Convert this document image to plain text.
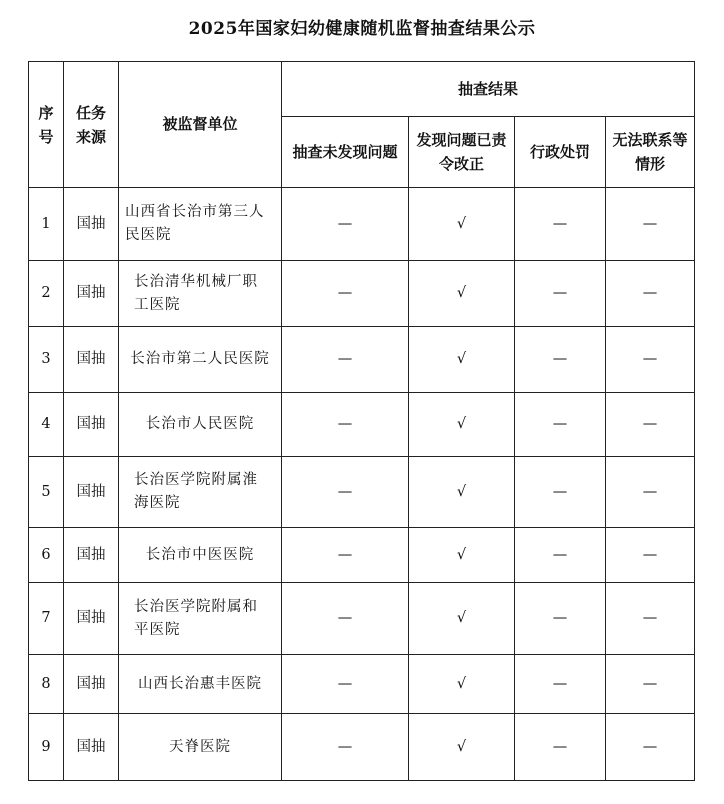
2025年国家妇幼健康随机监督抽查结果公示
序号	任务来源	被监督单位	抽查结果			
			抽查未发现问题	发现问题已责令改正	行政处罚	无法联系等情形
1	国抽	山西省长治市第三人民医院	—	√	—	—
2	国抽	长治清华机械厂职工医院	—	√	—	—
3	国抽	长治市第二人民医院	—	√	—	—
4	国抽	长治市人民医院	—	√	—	—
5	国抽	长治医学院附属淮海医院	—	√	—	—
6	国抽	长治市中医医院	—	√	—	—
7	国抽	长治医学院附属和平医院	—	√	—	—
8	国抽	山西长治惠丰医院	—	√	—	—
9	国抽	天脊医院	—	√	—	—
